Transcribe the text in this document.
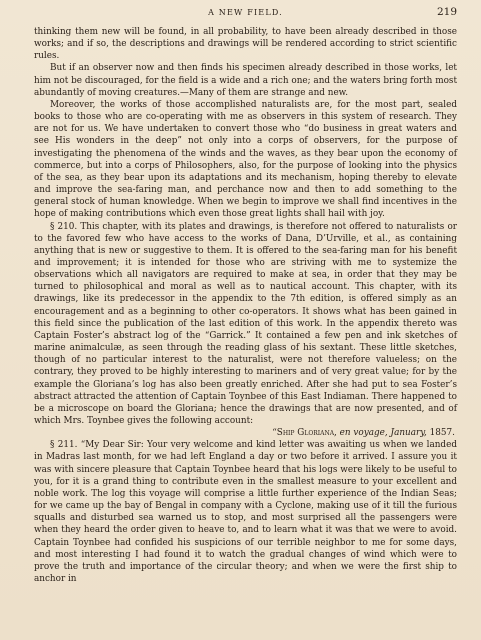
A NEW FIELD.	219

thinking them new will be found, in all probability, to have been already described in those works; and if so, the descriptions and drawings will be rendered according to strict scientific rules.

But if an observer now and then finds his specimen already described in those works, let him not be discouraged, for the field is a wide and a rich one; and the waters bring forth most abundantly of moving creatures.—Many of them are strange and new.

Moreover, the works of those accomplished naturalists are, for the most part, sealed books to those who are co-operating with me as observers in this system of research. They are not for us. We have undertaken to convert those who “do business in great waters and see His wonders in the deep” not only into a corps of observers, for the purpose of investigating the phenomena of the winds and the waves, as they bear upon the economy of commerce, but into a corps of Philosophers, also, for the purpose of looking into the physics of the sea, as they bear upon its adaptations and its mechanism, hoping thereby to elevate and improve the sea-faring man, and perchance now and then to add something to the general stock of human knowledge. When we begin to improve we shall find incentives in the hope of making contributions which even those great lights shall hail with joy.

§ 210. This chapter, with its plates and drawings, is therefore not offered to naturalists or to the favored few who have access to the works of Dana, D’Urville, et al., as containing anything that is new or suggestive to them. It is offered to the sea-faring man for his benefit and improvement; it is intended for those who are striving with me to systemize the observations which all navigators are required to make at sea, in order that they may be turned to philosophical and moral as well as to nautical account. This chapter, with its drawings, like its predecessor in the appendix to the 7th edition, is offered simply as an encouragement and as a beginning to other co-operators. It shows what has been gained in this field since the publication of the last edition of this work. In the appendix thereto was Captain Foster’s abstract log of the “Garrick.” It contained a few pen and ink sketches of marine animalculæ, as seen through the reading glass of his sextant. These little sketches, though of no particular interest to the naturalist, were not therefore valueless; on the contrary, they proved to be highly interesting to mariners and of very great value; for by the example the Gloriana’s log has also been greatly enriched. After she had put to sea Foster’s abstract attracted the attention of Captain Toynbee of this East Indiaman. There happened to be a microscope on board the Gloriana; hence the drawings that are now presented, and of which Mrs. Toynbee gives the following account:

“Ship Gloriana, en voyage, January, 1857.

§ 211. “My Dear Sir: Your very welcome and kind letter was awaiting us when we landed in Madras last month, for we had left England a day or two before it arrived. I assure you it was with sincere pleasure that Captain Toynbee heard that his logs were likely to be useful to you, for it is a grand thing to contribute even in the smallest measure to your excellent and noble work. The log this voyage will comprise a little further experience of the Indian Seas; for we came up the bay of Bengal in company with a Cyclone, making use of it till the furious squalls and disturbed sea warned us to stop, and most surprised all the passengers were when they heard the order given to heave to, and to learn what it was that we were to avoid. Captain Toynbee had confided his suspicions of our terrible neighbor to me for some days, and most interesting I had found it to watch the gradual changes of wind which were to prove the truth and importance of the circular theory; and when we were the first ship to anchor in
